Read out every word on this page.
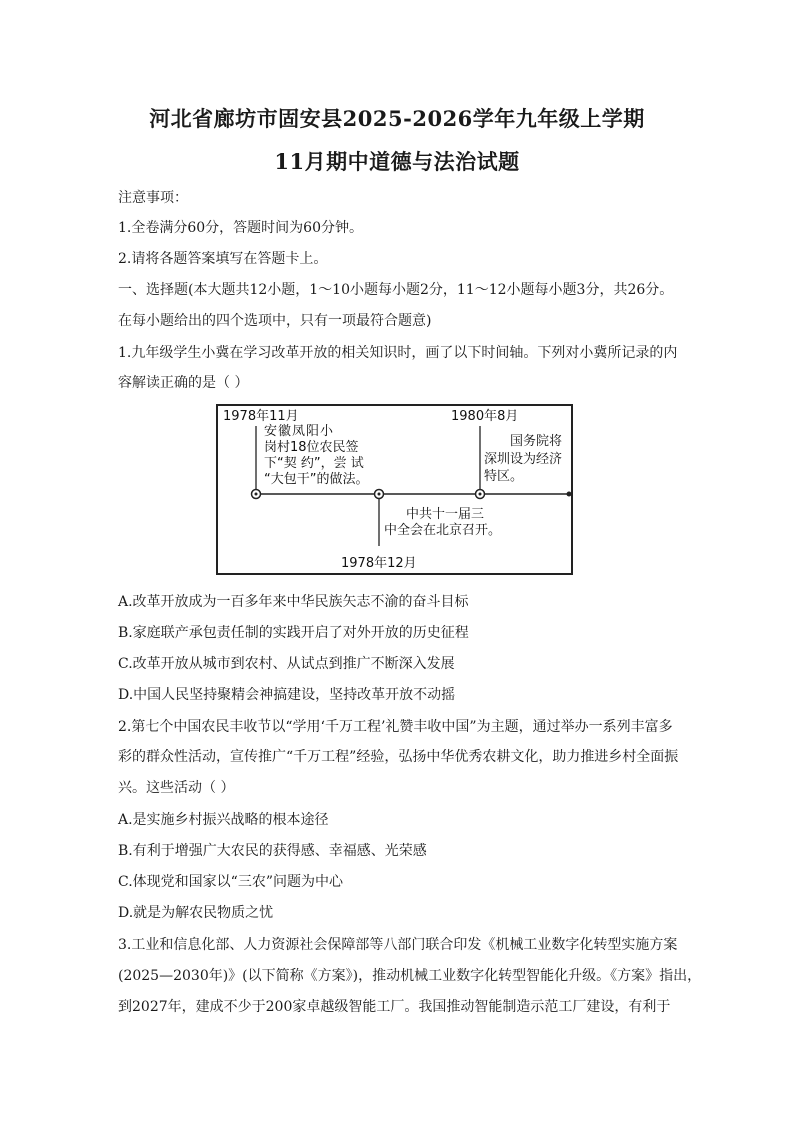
河北省廊坊市固安县2025-2026学年九年级上学期
11月期中道德与法治试题
注意事项：
1.全卷满分60分，答题时间为60分钟。
2.请将各题答案填写在答题卡上。
一、选择题(本大题共12小题，1～10小题每小题2分，11～12小题每小题3分，共26分。
在每小题给出的四个选项中，只有一项最符合题意)
1.九年级学生小冀在学习改革开放的相关知识时，画了以下时间轴。下列对小冀所记录的内
容解读正确的是（ ）
1978年11月
安徽凤阳小
岗村18位农民签
下“契 约”，尝 试
“大包干”的做法。
中共十一届三
中全会在北京召开。
1978年12月
1980年8月
国务院将
深圳设为经济
特区。
A.改革开放成为一百多年来中华民族矢志不渝的奋斗目标
B.家庭联产承包责任制的实践开启了对外开放的历史征程
C.改革开放从城市到农村、从试点到推广不断深入发展
D.中国人民坚持聚精会神搞建设，坚持改革开放不动摇
2.第七个中国农民丰收节以“学用‘千万工程’礼赞丰收中国”为主题，通过举办一系列丰富多
彩的群众性活动，宣传推广“千万工程”经验，弘扬中华优秀农耕文化，助力推进乡村全面振
兴。这些活动（ ）
A.是实施乡村振兴战略的根本途径
B.有利于增强广大农民的获得感、幸福感、光荣感
C.体现党和国家以“三农”问题为中心
D.就是为解农民物质之忧
3.工业和信息化部、人力资源社会保障部等八部门联合印发《机械工业数字化转型实施方案
(2025—2030年)》(以下简称《方案》)，推动机械工业数字化转型智能化升级。《方案》指出，
到2027年，建成不少于200家卓越级智能工厂。我国推动智能制造示范工厂建设，有利于
